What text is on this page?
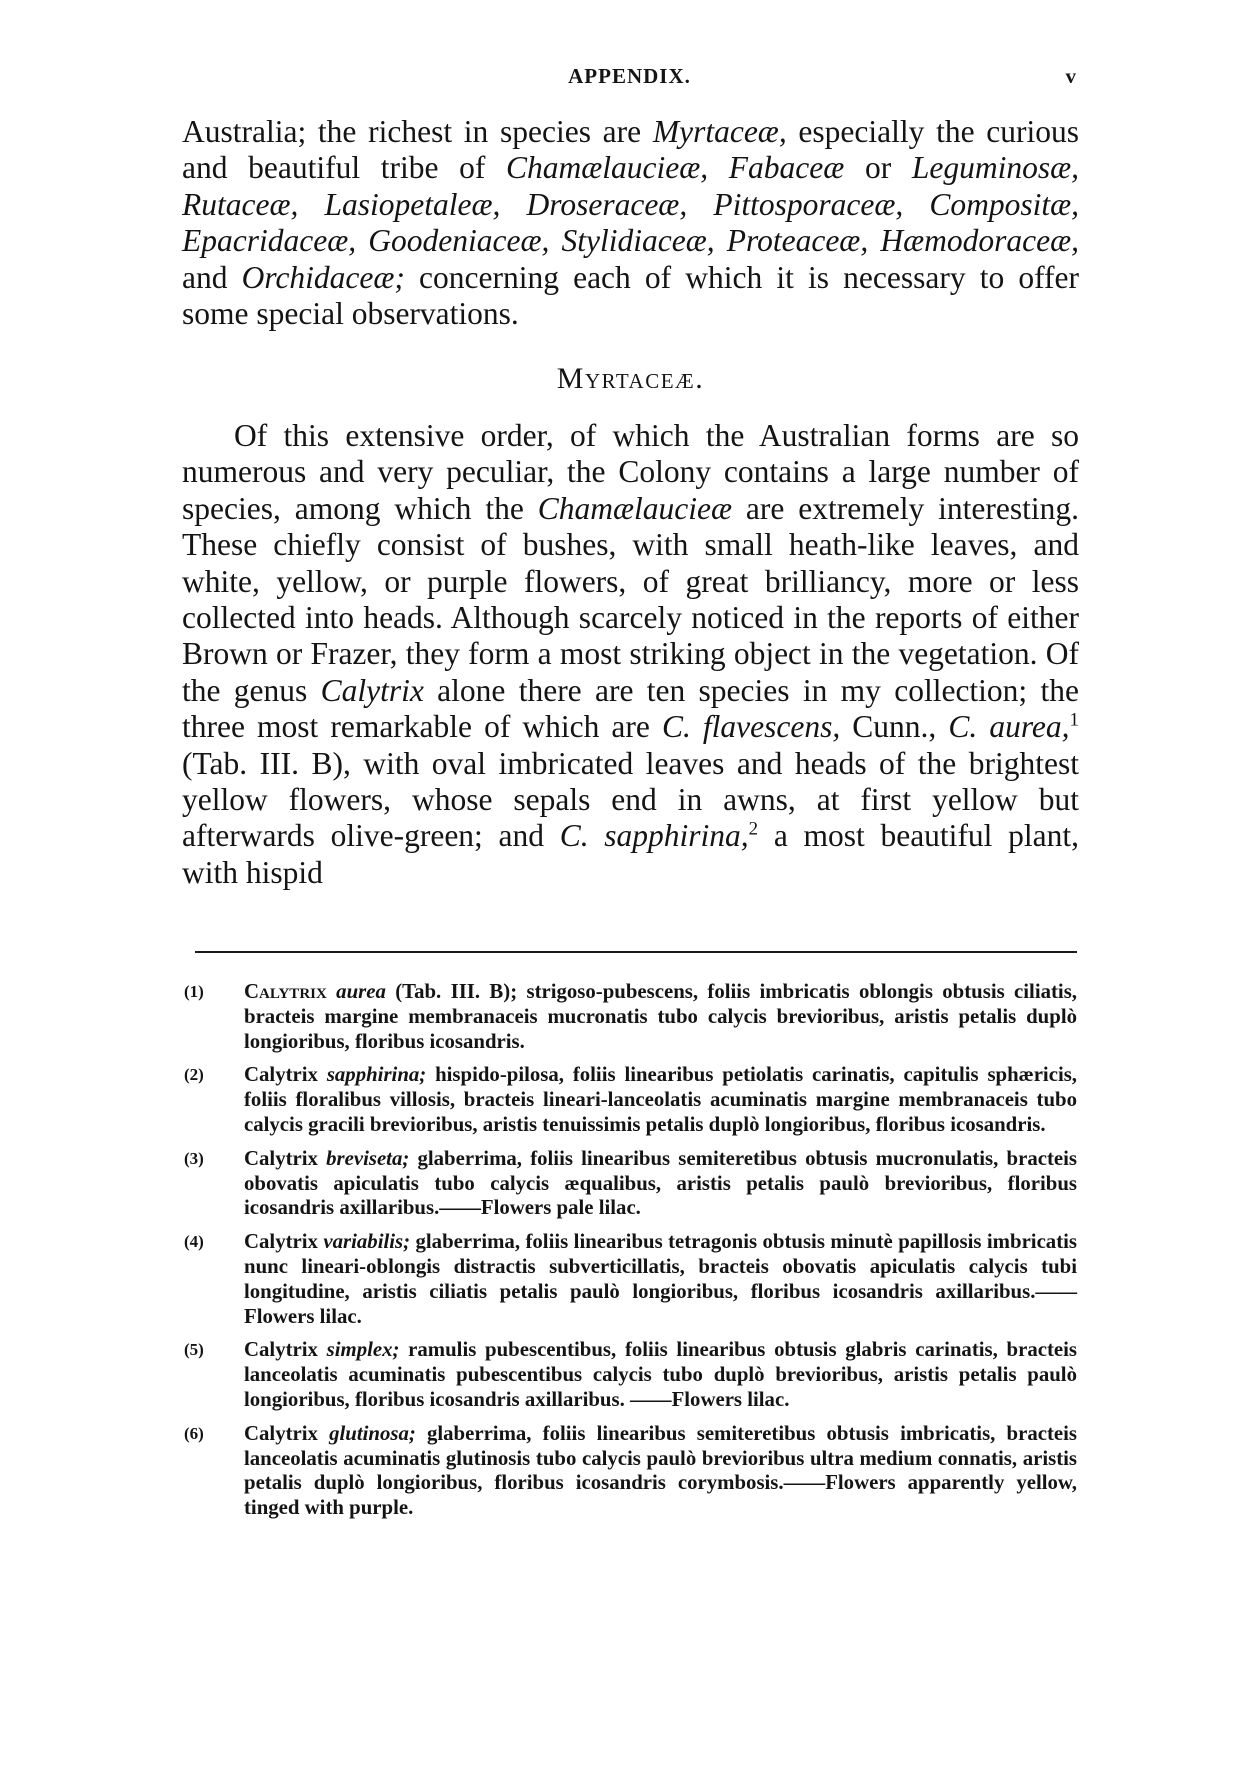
APPENDIX.	v

Australia; the richest in species are Myrtaceæ, especially the curious and beautiful tribe of Chamælaucieæ, Fabaceæ or Leguminosæ, Rutaceæ, Lasiopetaleæ, Droseraceæ, Pittosporaceæ, Compositæ, Epacridaceæ, Goodeniaceæ, Stylidiaceæ, Proteaceæ, Hæmodoraceæ, and Orchidaceæ; concerning each of which it is necessary to offer some special observations.

Myrtaceæ.

Of this extensive order, of which the Australian forms are so numerous and very peculiar, the Colony contains a large number of species, among which the Chamælaucieæ are extremely interesting. These chiefly consist of bushes, with small heath-like leaves, and white, yellow, or purple flowers, of great brilliancy, more or less collected into heads. Although scarcely noticed in the reports of either Brown or Frazer, they form a most striking object in the vegetation. Of the genus Calytrix alone there are ten species in my collection; the three most remarkable of which are C. flavescens, Cunn., C. aurea,$^1$ (Tab. III. B), with oval imbricated leaves and heads of the brightest yellow flowers, whose sepals end in awns, at first yellow but afterwards olive-green; and C. sapphirina,$^2$ a most beautiful plant, with hispid

(1) Calytrix aurea (Tab. III. B); strigoso-pubescens, foliis imbricatis oblongis obtusis ciliatis, bracteis margine membranaceis mucronatis tubo calycis brevioribus, aristis petalis duplò longioribus, floribus icosandris.

(2) Calytrix sapphirina; hispido-pilosa, foliis linearibus petiolatis carinatis, capitulis sphæricis, foliis floralibus villosis, bracteis lineari-lanceolatis acuminatis margine membranaceis tubo calycis gracili brevioribus, aristis tenuissimis petalis duplò longioribus, floribus icosandris.

(3) Calytrix breviseta; glaberrima, foliis linearibus semiteretibus obtusis mucronulatis, bracteis obovatis apiculatis tubo calycis æqualibus, aristis petalis paulò brevioribus, floribus icosandris axillaribus.——Flowers pale lilac.

(4) Calytrix variabilis; glaberrima, foliis linearibus tetragonis obtusis minutè papillosis imbricatis nunc lineari-oblongis distractis subverticillatis, bracteis obovatis apiculatis calycis tubi longitudine, aristis ciliatis petalis paulò longioribus, floribus icosandris axillaribus.——Flowers lilac.

(5) Calytrix simplex; ramulis pubescentibus, foliis linearibus obtusis glabris carinatis, bracteis lanceolatis acuminatis pubescentibus calycis tubo duplò brevioribus, aristis petalis paulò longioribus, floribus icosandris axillaribus. ——Flowers lilac.

(6) Calytrix glutinosa; glaberrima, foliis linearibus semiteretibus obtusis imbricatis, bracteis lanceolatis acuminatis glutinosis tubo calycis paulò brevioribus ultra medium connatis, aristis petalis duplò longioribus, floribus icosandris corymbosis.——Flowers apparently yellow, tinged with purple.
